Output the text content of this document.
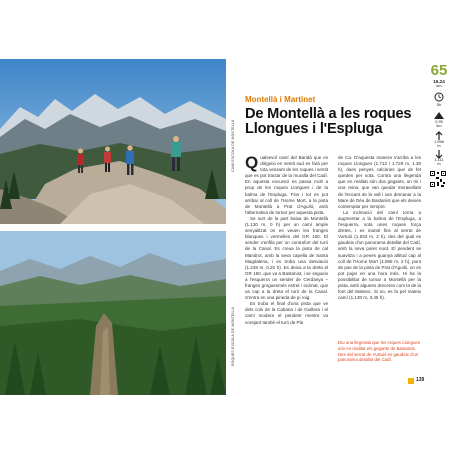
CAMÍ ESCOLA DE MONTELLÀ
ROQUES ESCOLA DE MONTELLÀ
Montellà i Martinet
De Montellà a les roques Llongues i l'Espluga

Qualsevol camí del Baridà que es dirigeixi en sentit sud es farà per tota vessant de les roques i sentit que es pot tractar de la muralla del Cadí. En aquesta excursió es passa molt a prop de les roques Llongues i de la balma de l'Espluga. Fins i tot es pot arribar al coll de l'Home Mort, a la pista de Montellà a Prat d'Aguiló, amb l'alternativa de tornar per aquesta pista.

Se surt de la part baixa de Montellà (1.130 m, 0 h) per un camí ample senyalitzat on es veuen les franges blanques i vermelles del GR 150. El sender s'enfila per un contrafort del turó de la Canal. Es creua la pista de cal Mandrot, amb la seva capella de Santa Magdalena, i es troba una desviació (1.249 m, 0.20 h). Es deixa a la dreta el GR 150, que va a Bastanist, i se segueix a l'esquerra un sender de Cerdanya –franges groguesmés estret i inclinat, que va cap a la dreta el turó de la Canal. S'entra en una pineda de pi roig.

Es troba el final d'una pista que ve dels cols de la Cabana i de Guillera i el camí modera el pendent mentre va vorejant també el turó de Pla

de Ca. D'aquesta manera s'arriba a les roques Llongues (1.712 / 1.729 m, 1.30 h), dues penyes calcàries que de fet queden per sota. Contra una llegenda que en realitat són dos gegants, un mi i una reina, que van quedar meravellats de l'encant de la vall i van demanar a la Mare de Déu de Bastanist que els deixés contemplar per sempre.

La inclinació del camí torna a augmentar a la balma de l'Espluga, a l'esquerra, sota unes roques força dretes, i es manté fins al serrat de Vurtuió (1.833 m, 2 h), des del qual es gaudeix d'un panorama detallat del Cadí, amb la seva paret nord. El pendent se suavitza i a penes guanya altitud cap al coll de l'Home Mort (1.855 m, 2 h), punt de pas de la pista de Prat d'Aguiló, on es pot pujar en una hora més. Hi ha la possibilitat de tornar a Montellà per la pista, amb algunes dreceres com la de la font del Malenic. Si no, es fa pel mateix camí (1.130 m, 3.45 h).

Diu una llegenda que les roques Llongues són en realitat els gegants de Bastanist. Des del serrat de Vurtuió es gaudeix d'un panorama detallat del Cadí.
65
16,24
km
5h
0,95
km
1.998
m
1.111
m
139
